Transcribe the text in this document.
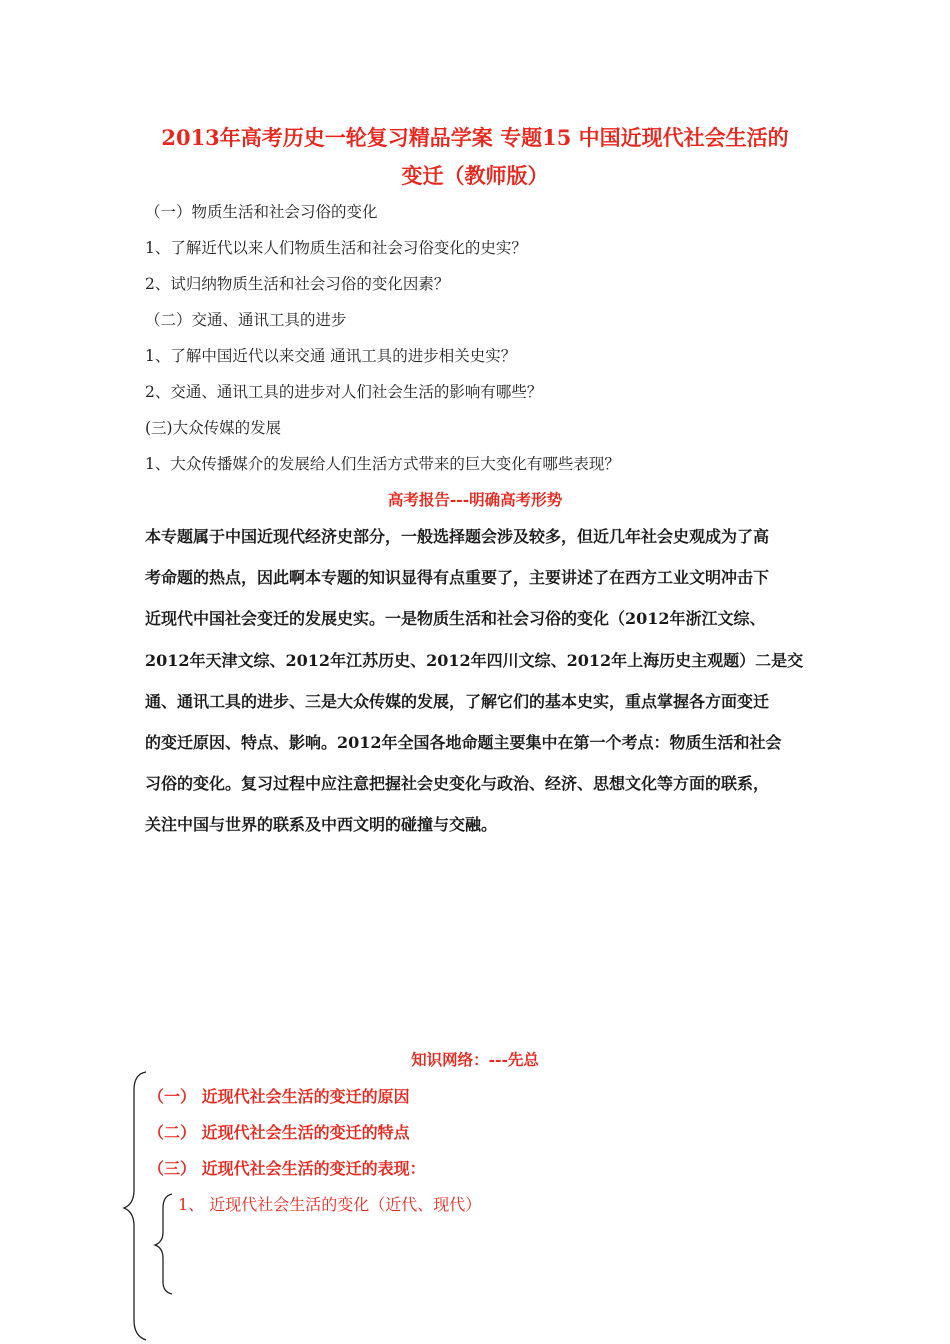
2013年高考历史一轮复习精品学案 专题15 中国近现代社会生活的
变迁（教师版）
（一）物质生活和社会习俗的变化
1、了解近代以来人们物质生活和社会习俗变化的史实？
2、试归纳物质生活和社会习俗的变化因素？
（二）交通、通讯工具的进步
1、了解中国近代以来交通 通讯工具的进步相关史实？
2、交通、通讯工具的进步对人们社会生活的影响有哪些？
(三)大众传媒的发展
1、大众传播媒介的发展给人们生活方式带来的巨大变化有哪些表现？
高考报告---明确高考形势
本专题属于中国近现代经济史部分，一般选择题会涉及较多，但近几年社会史观成为了高
考命题的热点，因此啊本专题的知识显得有点重要了，主要讲述了在西方工业文明冲击下
近现代中国社会变迁的发展史实。一是物质生活和社会习俗的变化（2012年浙江文综、
2012年天津文综、2012年江苏历史、2012年四川文综、2012年上海历史主观题）二是交
通、通讯工具的进步、三是大众传媒的发展，了解它们的基本史实，重点掌握各方面变迁
的变迁原因、特点、影响。2012年全国各地命题主要集中在第一个考点：物质生活和社会
习俗的变化。复习过程中应注意把握社会史变化与政治、经济、思想文化等方面的联系，
关注中国与世界的联系及中西文明的碰撞与交融。
知识网络：---先总
（一） 近现代社会生活的变迁的原因
（二） 近现代社会生活的变迁的特点
（三） 近现代社会生活的变迁的表现：
1、 近现代社会生活的变化（近代、现代）
